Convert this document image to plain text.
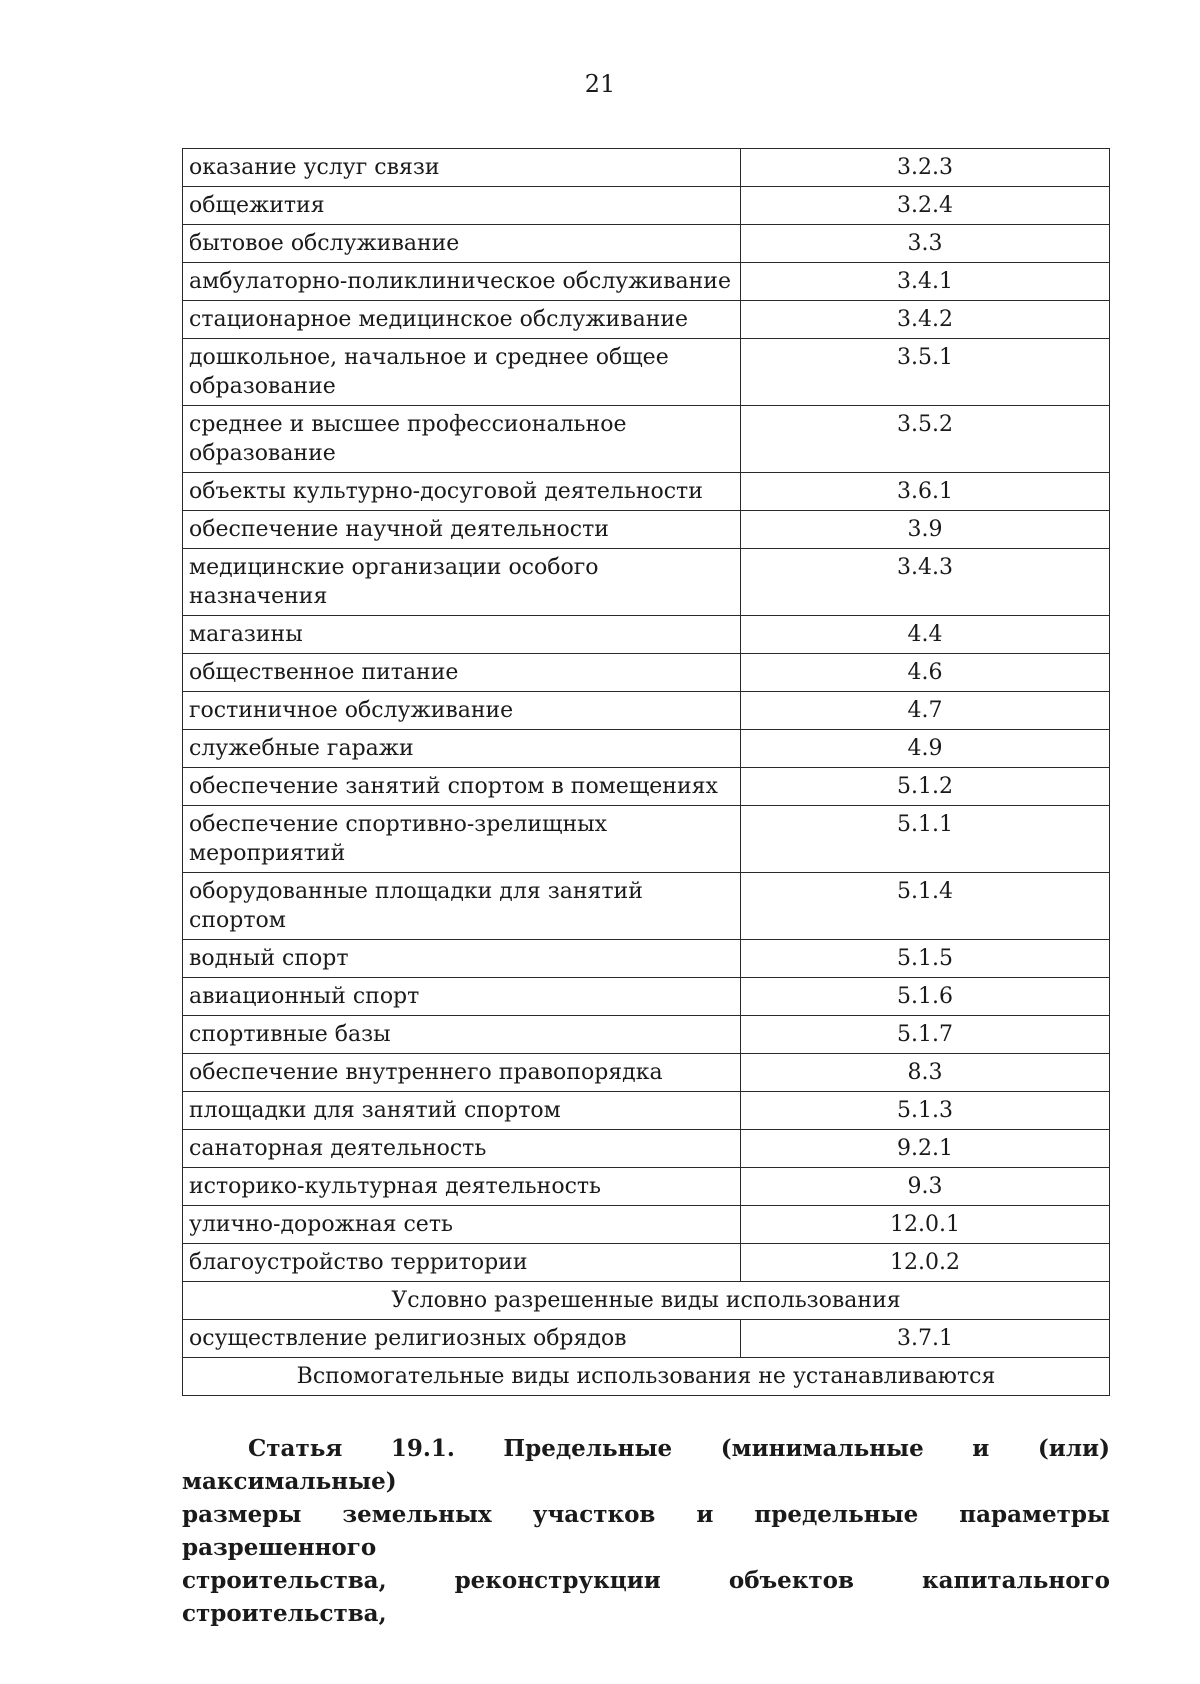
21
оказание услуг связи	3.2.3
общежития	3.2.4
бытовое обслуживание	3.3
амбулаторно-поликлиническое обслуживание	3.4.1
стационарное медицинское обслуживание	3.4.2
дошкольное, начальное и среднее общее образование	3.5.1
среднее и высшее профессиональное образование	3.5.2
объекты культурно-досуговой деятельности	3.6.1
обеспечение научной деятельности	3.9
медицинские организации особого назначения	3.4.3
магазины	4.4
общественное питание	4.6
гостиничное обслуживание	4.7
служебные гаражи	4.9
обеспечение занятий спортом в помещениях	5.1.2
обеспечение спортивно-зрелищных мероприятий	5.1.1
оборудованные площадки для занятий спортом	5.1.4
водный спорт	5.1.5
авиационный спорт	5.1.6
спортивные базы	5.1.7
обеспечение внутреннего правопорядка	8.3
площадки для занятий спортом	5.1.3
санаторная деятельность	9.2.1
историко-культурная деятельность	9.3
улично-дорожная сеть	12.0.1
благоустройство территории	12.0.2
Условно разрешенные виды использования	
осуществление религиозных обрядов	3.7.1
Вспомогательные виды использования не устанавливаются	
Статья 19.1. Предельные (минимальные и (или) максимальные)
размеры земельных участков и предельные параметры разрешенного
строительства, реконструкции объектов капитального строительства,
